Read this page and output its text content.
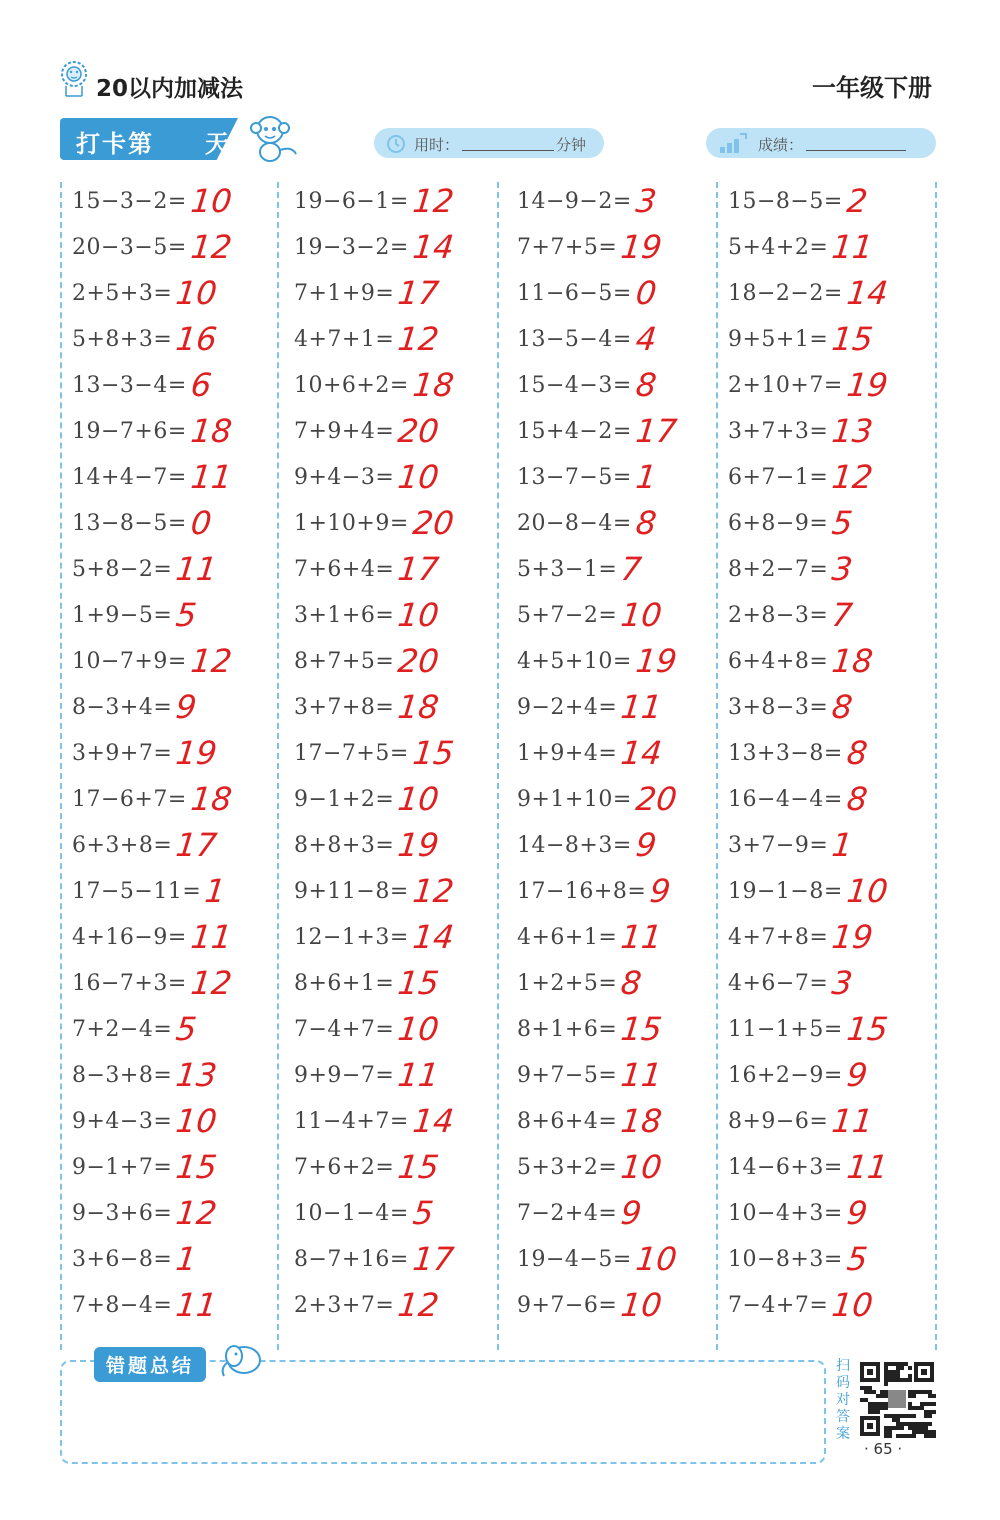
20以内加减法	一年级下册
打卡第 天	用时：	分钟	成绩：
15−3−2= 10
20−3−5= 12
2+5+3= 10
5+8+3= 16
13−3−4= 6
19−7+6= 18
14+4−7= 11
13−8−5= 0
5+8−2= 11
1+9−5= 5
10−7+9= 12
8−3+4= 9
3+9+7= 19
17−6+7= 18
6+3+8= 17
17−5−11= 1
4+16−9= 11
16−7+3= 12
7+2−4= 5
8−3+8= 13
9+4−3= 10
9−1+7= 15
9−3+6= 12
3+6−8= 1
7+8−4= 11
19−6−1= 12
19−3−2= 14
7+1+9= 17
4+7+1= 12
10+6+2= 18
7+9+4= 20
9+4−3= 10
1+10+9= 20
7+6+4= 17
3+1+6= 10
8+7+5= 20
3+7+8= 18
17−7+5= 15
9−1+2= 10
8+8+3= 19
9+11−8= 12
12−1+3= 14
8+6+1= 15
7−4+7= 10
9+9−7= 11
11−4+7= 14
7+6+2= 15
10−1−4= 5
8−7+16= 17
2+3+7= 12
14−9−2= 3
7+7+5= 19
11−6−5= 0
13−5−4= 4
15−4−3= 8
15+4−2= 17
13−7−5= 1
20−8−4= 8
5+3−1= 7
5+7−2= 10
4+5+10= 19
9−2+4= 11
1+9+4= 14
9+1+10= 20
14−8+3= 9
17−16+8= 9
4+6+1= 11
1+2+5= 8
8+1+6= 15
9+7−5= 11
8+6+4= 18
5+3+2= 10
7−2+4= 9
19−4−5= 10
9+7−6= 10
15−8−5= 2
5+4+2= 11
18−2−2= 14
9+5+1= 15
2+10+7= 19
3+7+3= 13
6+7−1= 12
6+8−9= 5
8+2−7= 3
2+8−3= 7
6+4+8= 18
3+8−3= 8
13+3−8= 8
16−4−4= 8
3+7−9= 1
19−1−8= 10
4+7+8= 19
4+6−7= 3
11−1+5= 15
16+2−9= 9
8+9−6= 11
14−6+3= 11
10−4+3= 9
10−8+3= 5
7−4+7= 10
错题总结	扫码对答案
· 65 ·
